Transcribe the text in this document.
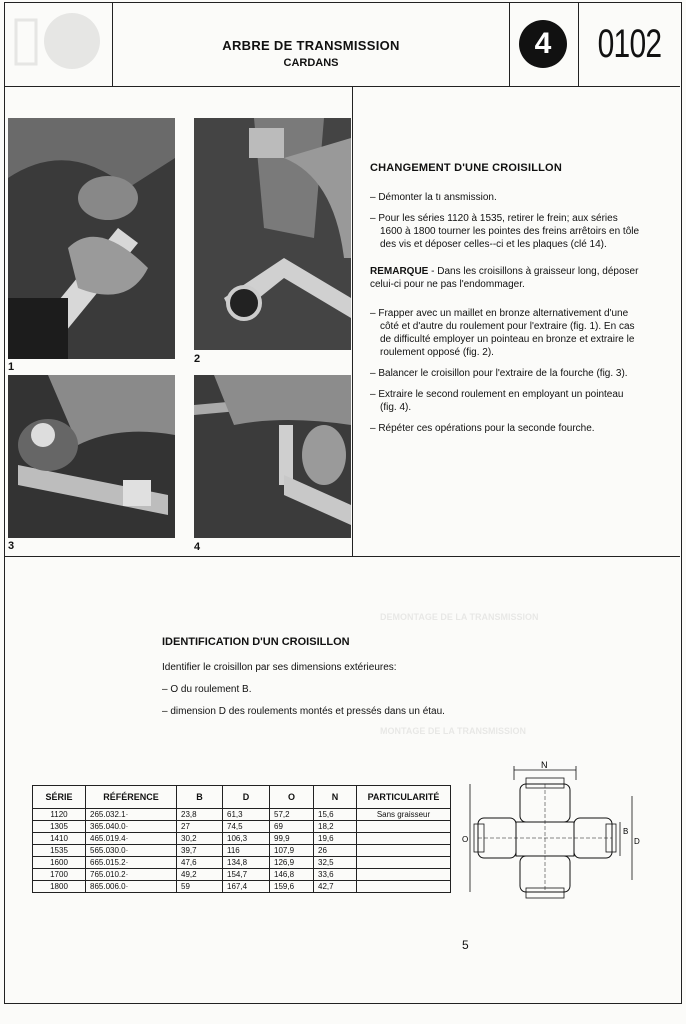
ARBRE DE TRANSMISSION
CARDANS
4	0102
1
2
3	4
CHANGEMENT D'UNE CROISILLON

– Démonter la tı ansmission.

– Pour les séries 1120 à 1535, retirer le frein; aux séries 1600 à 1800 tourner les pointes des freins arrêtoirs en tôle des vis et déposer celles--ci et les plaques (clé 14).

REMARQUE - Dans les croisillons à graisseur long, déposer celui-ci pour ne pas l'endommager.

– Frapper avec un maillet en bronze alternativement d'une côté et d'autre du roulement pour l'extraire (fig. 1). En cas de difficulté employer un pointeau en bronze et extraire le roulement opposé (fig. 2).

– Balancer le croisillon pour l'extraire de la fourche (fig. 3).

– Extraire le second roulement en employant un pointeau (fig. 4).

– Répéter ces opérations pour la seconde fourche.

DEMONTAGE DE LA TRANSMISSION
MONTAGE DE LA TRANSMISSION
IDENTIFICATION D'UN CROISILLON

Identifier le croisillon par ses dimensions extérieures:

– O du roulement B.

– dimension D des roulements montés et pressés dans un étau.

SÉRIE	RÉFÉRENCE	B	D	O	N	PARTICULARITÉ
1120	265.032.1·	23,8	61,3	57,2	15,6	Sans graisseur
1305	365.040.0·	27	74,5	69	18,2	
1410	465.019.4·	30,2	106,3	99,9	19,6	
1535	565.030.0·	39,7	116	107,9	26	
1600	665.015.2·	47,6	134,8	126,9	32,5	
1700	765.010.2·	49,2	154,7	146,8	33,6	
1800	865.006.0·	59	167,4	159,6	42,7	
N
O
B
D
5
